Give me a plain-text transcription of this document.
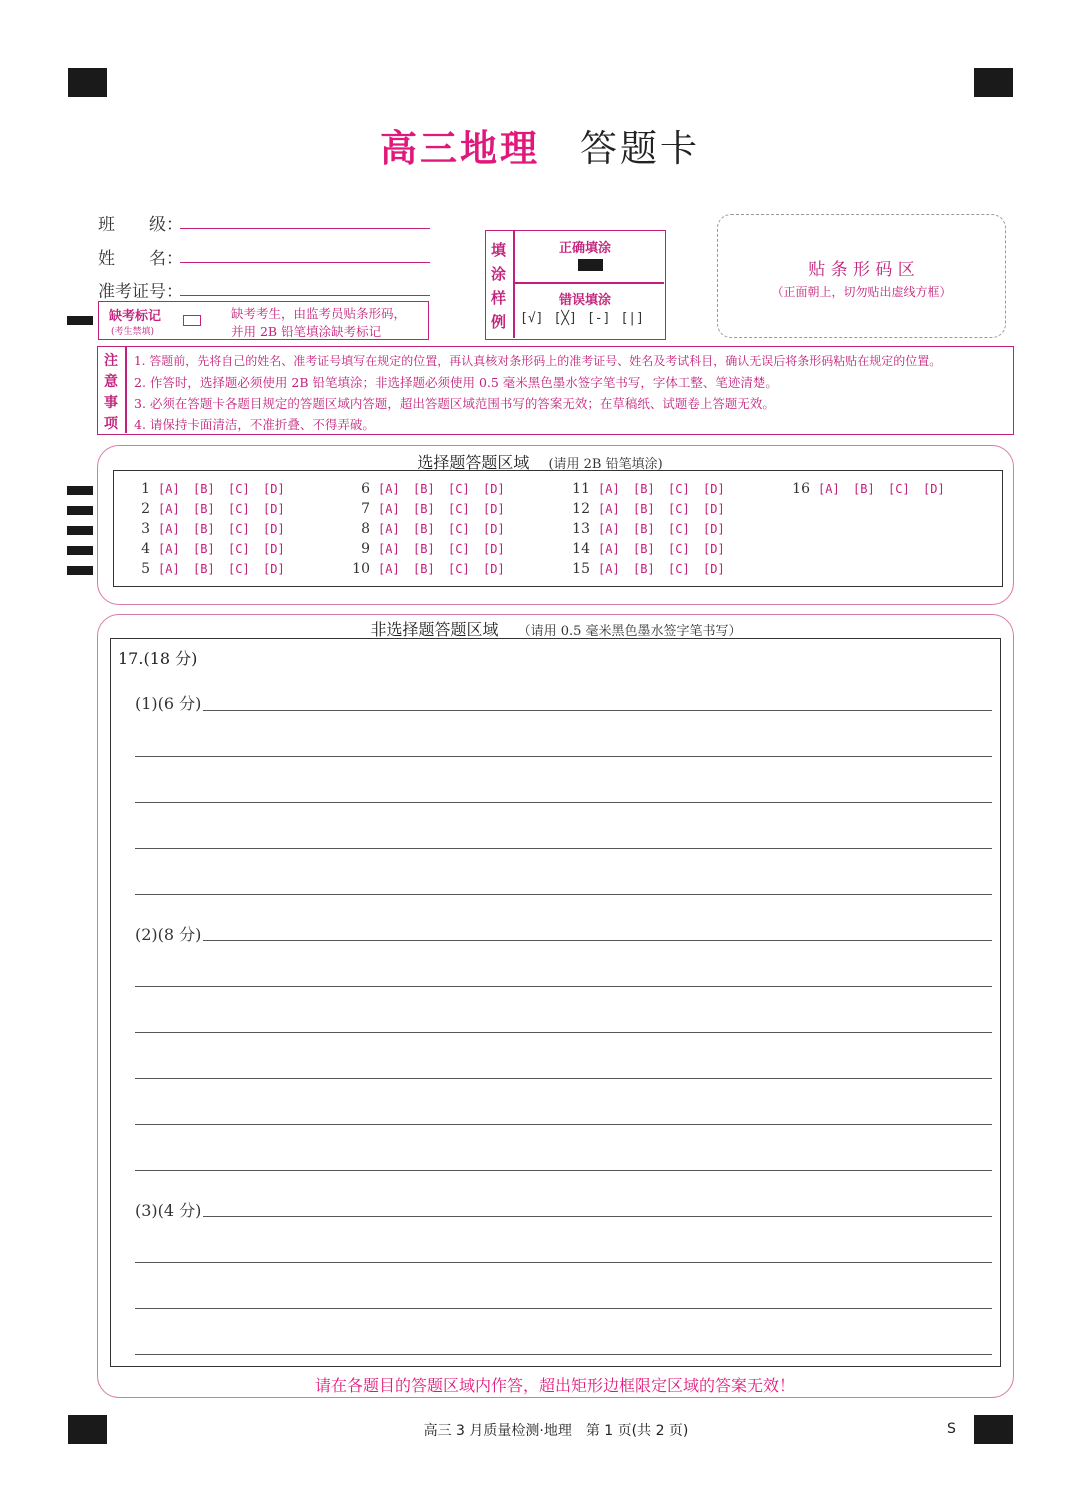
高三地理 答题卡
班　　级：
姓　　名：
准考证号：
缺考标记
(考生禁填)
缺考考生，由监考员贴条形码，
并用 2B 铅笔填涂缺考标记
填
涂
样
例
正确填涂
错误填涂
[√] [╳] [-] [|]
贴 条 形 码 区
（正面朝上，切勿贴出虚线方框）
注
意
事
项
1. 答题前，先将自己的姓名、准考证号填写在规定的位置，再认真核对条形码上的准考证号、姓名及考试科目，确认无误后将条形码粘贴在规定的位置。
2. 作答时，选择题必须使用 2B 铅笔填涂；非选择题必须使用 0.5 毫米黑色墨水签字笔书写，字体工整、笔迹清楚。
3. 必须在答题卡各题目规定的答题区域内答题，超出答题区域范围书写的答案无效；在草稿纸、试题卷上答题无效。
4. 请保持卡面清洁，不准折叠、不得弄破。
选择题答题区域 (请用 2B 铅笔填涂)
1 [A] [B] [C] [D]
2 [A] [B] [C] [D]
3 [A] [B] [C] [D]
4 [A] [B] [C] [D]
5 [A] [B] [C] [D]
6 [A] [B] [C] [D]
7 [A] [B] [C] [D]
8 [A] [B] [C] [D]
9 [A] [B] [C] [D]
10 [A] [B] [C] [D]
11 [A] [B] [C] [D]
12 [A] [B] [C] [D]
13 [A] [B] [C] [D]
14 [A] [B] [C] [D]
15 [A] [B] [C] [D]
16 [A] [B] [C] [D]
非选择题答题区域 （请用 0.5 毫米黑色墨水签字笔书写）
17.(18 分)
(1)(6 分)
(2)(8 分)
(3)(4 分)
请在各题目的答题区域内作答，超出矩形边框限定区域的答案无效！
高三 3 月质量检测·地理　第 1 页(共 2 页)	S
